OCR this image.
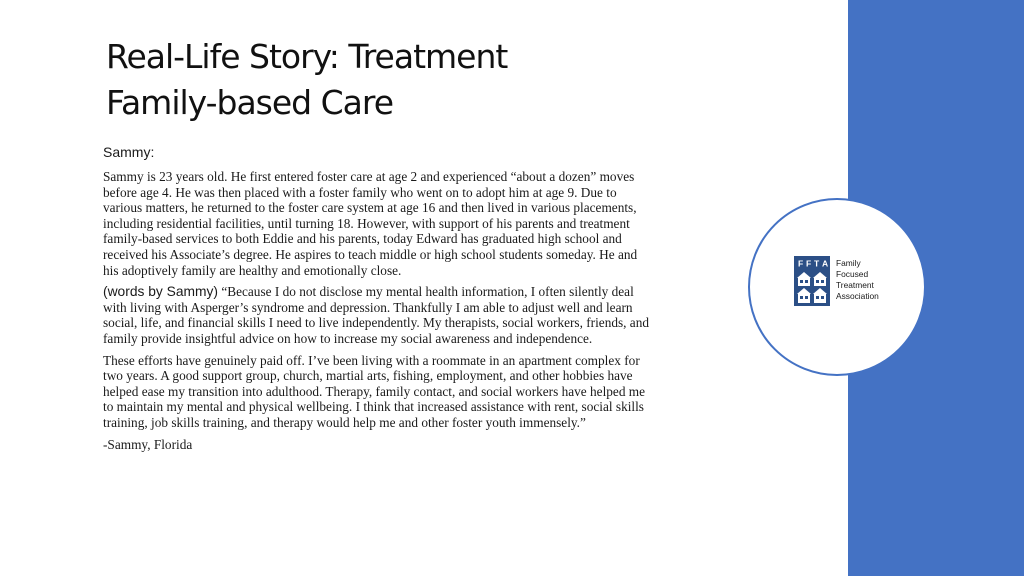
F F T A Family
Focused
Treatment
Association
Real-Life Story: Treatment
Family-based Care

Sammy:

Sammy is 23 years old. He first entered foster care at age 2 and experienced “about a dozen” moves before age 4. He was then placed with a foster family who went on to adopt him at age 9. Due to various matters, he returned to the foster care system at age 16 and then lived in various placements, including residential facilities, until turning 18. However, with support of his parents and treatment family-based services to both Eddie and his parents, today Edward has graduated high school and received his Associate’s degree. He aspires to teach middle or high school students someday. He and his adoptively family are healthy and emotionally close.

(words by Sammy) “Because I do not disclose my mental health information, I often silently deal with living with Asperger’s syndrome and depression. Thankfully I am able to adjust well and learn social, life, and financial skills I need to live independently. My therapists, social workers, friends, and family provide insightful advice on how to increase my social awareness and independence.

These efforts have genuinely paid off. I’ve been living with a roommate in an apartment complex for two years. A good support group, church, martial arts, fishing, employment, and other hobbies have helped ease my transition into adulthood. Therapy, family contact, and social workers have helped me to maintain my mental and physical wellbeing. I think that increased assistance with rent, social skills training, job skills training, and therapy would help me and other foster youth immensely.”

-Sammy, Florida
